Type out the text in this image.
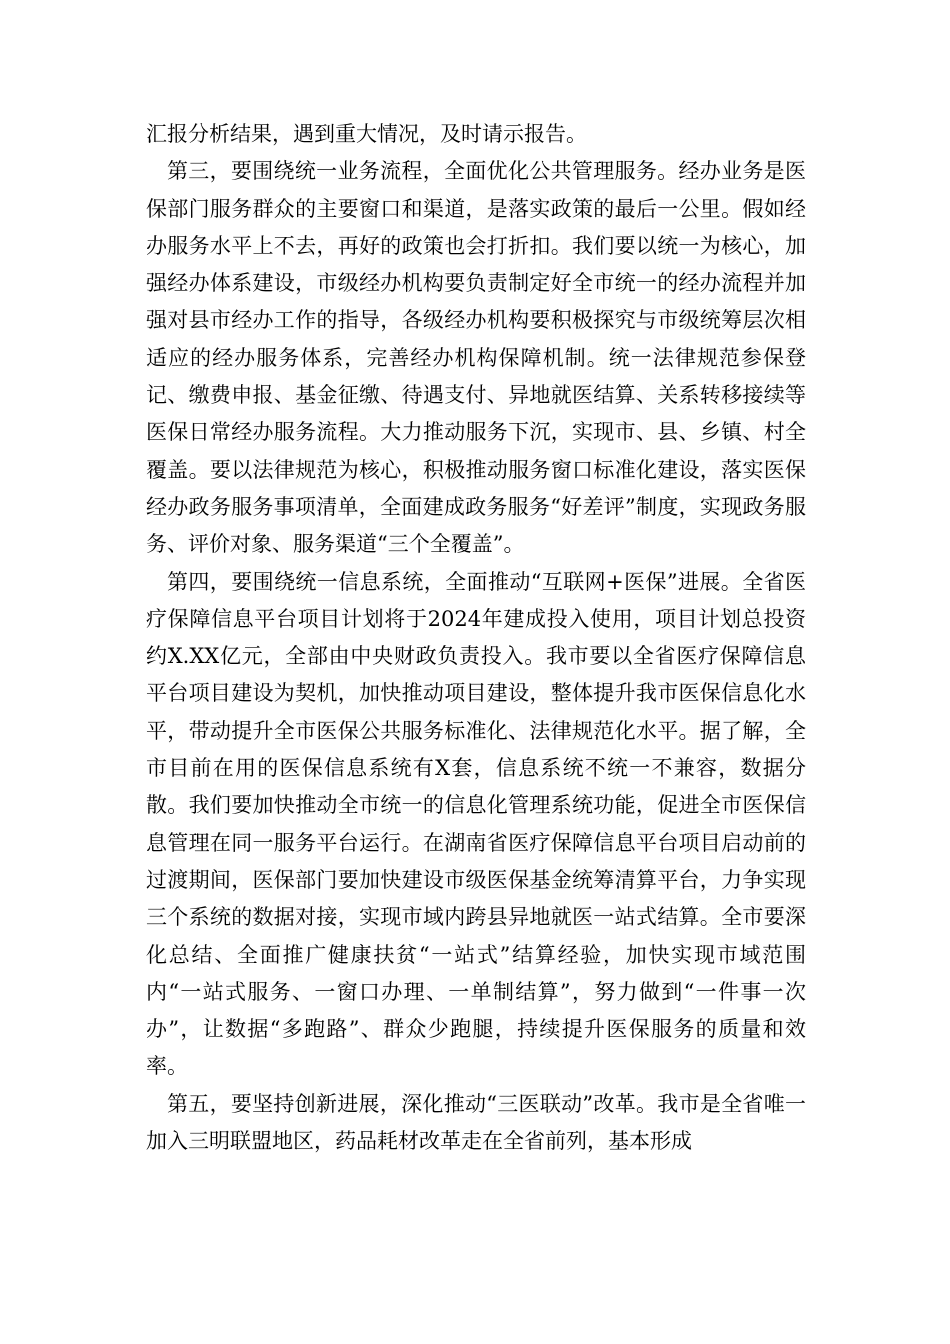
汇报分析结果，遇到重大情况，及时请示报告。

第三，要围绕统一业务流程，全面优化公共管理服务。经办业务是医保部门服务群众的主要窗口和渠道，是落实政策的最后一公里。假如经办服务水平上不去，再好的政策也会打折扣。我们要以统一为核心，加强经办体系建设，市级经办机构要负责制定好全市统一的经办流程并加强对县市经办工作的指导，各级经办机构要积极探究与市级统筹层次相适应的经办服务体系，完善经办机构保障机制。统一法律规范参保登记、缴费申报、基金征缴、待遇支付、异地就医结算、关系转移接续等医保日常经办服务流程。大力推动服务下沉，实现市、县、乡镇、村全覆盖。要以法律规范为核心，积极推动服务窗口标准化建设，落实医保经办政务服务事项清单，全面建成政务服务“好差评”制度，实现政务服务、评价对象、服务渠道“三个全覆盖”。

第四，要围绕统一信息系统，全面推动“互联网+医保”进展。全省医疗保障信息平台项目计划将于2024年建成投入使用，项目计划总投资约X.XX亿元，全部由中央财政负责投入。我市要以全省医疗保障信息平台项目建设为契机，加快推动项目建设，整体提升我市医保信息化水平，带动提升全市医保公共服务标准化、法律规范化水平。据了解，全市目前在用的医保信息系统有X套，信息系统不统一不兼容，数据分散。我们要加快推动全市统一的信息化管理系统功能，促进全市医保信息管理在同一服务平台运行。在湖南省医疗保障信息平台项目启动前的过渡期间，医保部门要加快建设市级医保基金统筹清算平台，力争实现三个系统的数据对接，实现市域内跨县异地就医一站式结算。全市要深化总结、全面推广健康扶贫“一站式”结算经验，加快实现市域范围内“一站式服务、一窗口办理、一单制结算”，努力做到“一件事一次办”，让数据“多跑路”、群众少跑腿，持续提升医保服务的质量和效率。

第五，要坚持创新进展，深化推动“三医联动”改革。我市是全省唯一加入三明联盟地区，药品耗材改革走在全省前列，基本形成
